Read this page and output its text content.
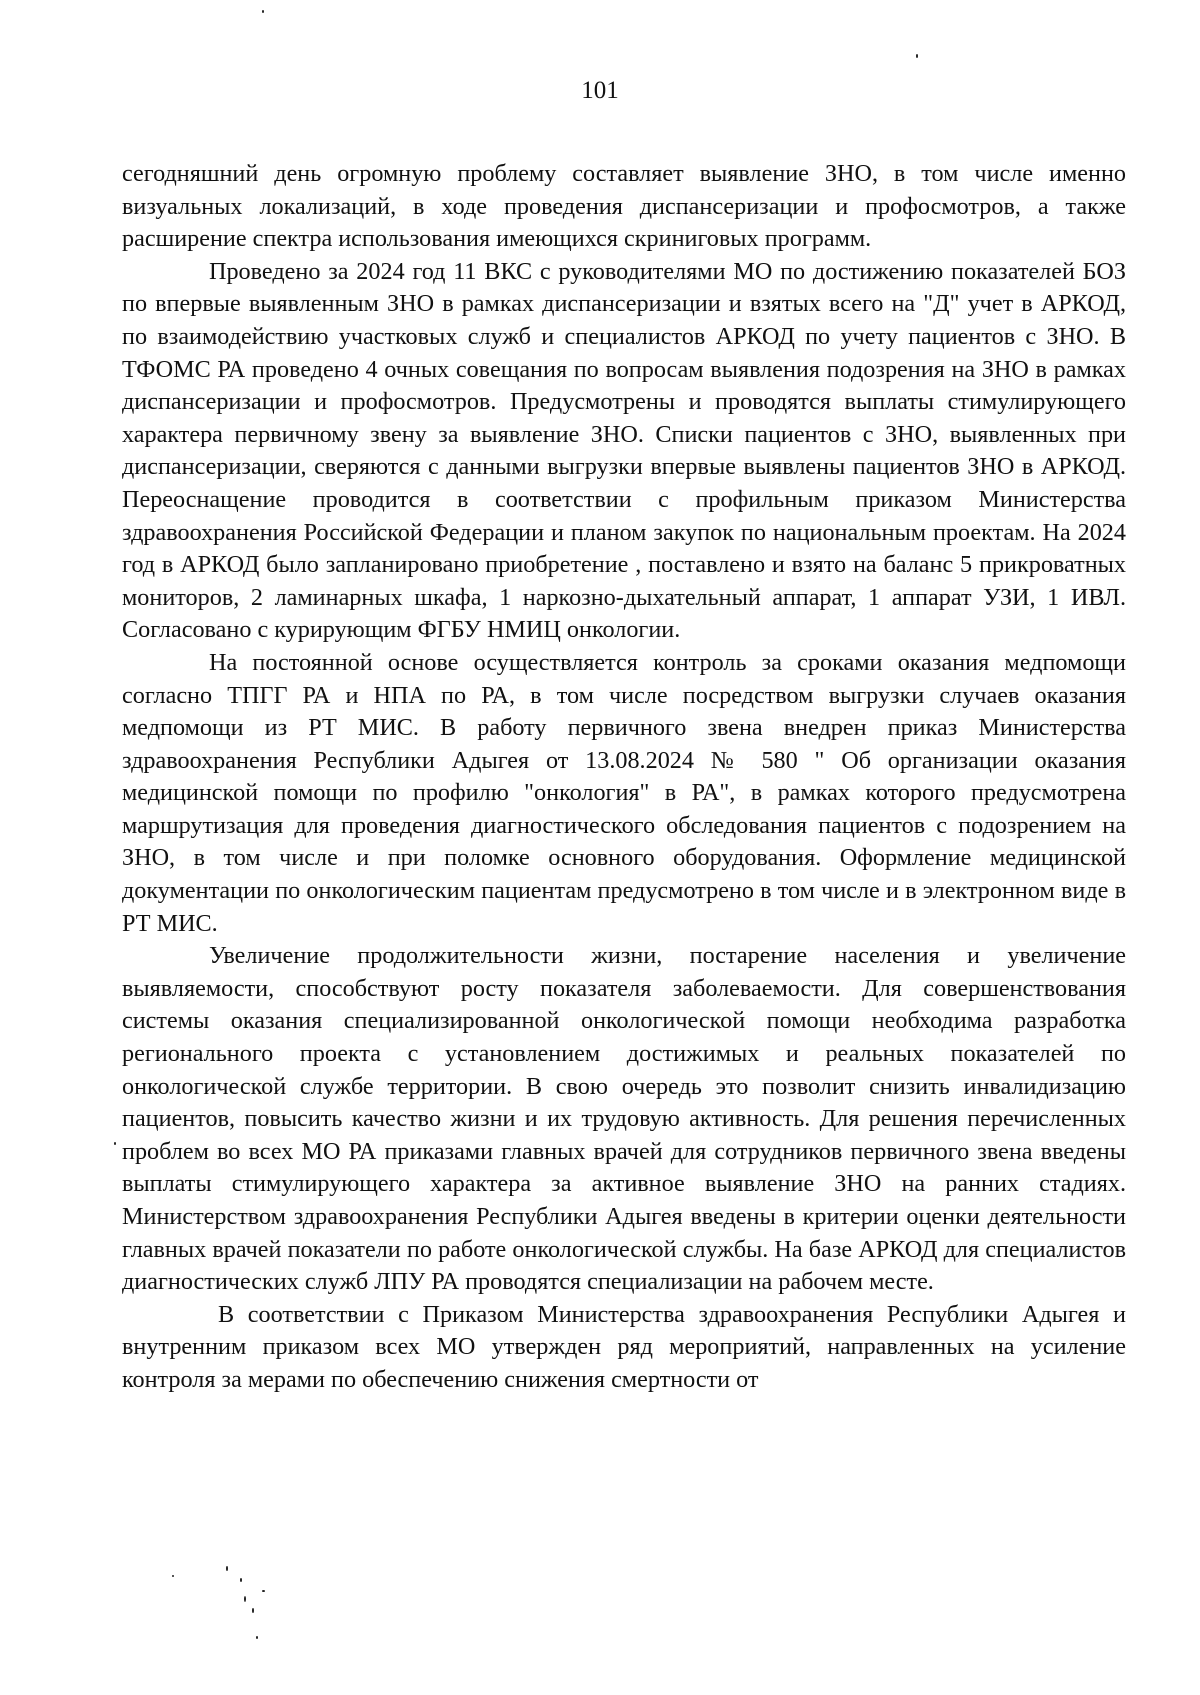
101

сегодняшний день огромную проблему составляет выявление ЗНО, в том числе именно визуальных локализаций, в ходе проведения диспансеризации и профосмотров, а также расширение спектра использования имеющихся скриниговых программ.

Проведено за 2024 год 11 ВКС с руководителями МО по достижению показателей БОЗ по впервые выявленным ЗНО в рамках диспансеризации и взятых всего на "Д" учет в АРКОД, по взаимодействию участковых служб и специалистов АРКОД по учету пациентов с ЗНО. В ТФОМС РА проведено 4 очных совещания по вопросам выявления подозрения на ЗНО в рамках диспансеризации и профосмотров. Предусмотрены и проводятся выплаты стимулирующего характера первичному звену за выявление ЗНО. Списки пациентов с ЗНО, выявленных при диспансеризации, сверяются с данными выгрузки впервые выявлены пациентов ЗНО в АРКОД. Переоснащение проводится в соответствии с профильным приказом Министерства здравоохранения Российской Федерации и планом закупок по национальным проектам. На 2024 год в АРКОД было запланировано приобретение , поставлено и взято на баланс 5 прикроватных мониторов, 2 ламинарных шкафа, 1 наркозно-дыхательный аппарат, 1 аппарат УЗИ, 1 ИВЛ. Согласовано с курирующим ФГБУ НМИЦ онкологии.

На постоянной основе осуществляется контроль за сроками оказания медпомощи согласно ТПГГ РА и НПА по РА, в том числе посредством выгрузки случаев оказания медпомощи из РТ МИС. В работу первичного звена внедрен приказ Министерства здравоохранения Республики Адыгея от 13.08.2024 № 580 " Об организации оказания медицинской помощи по профилю "онкология" в РА", в рамках которого предусмотрена маршрутизация для проведения диагностического обследования пациентов с подозрением на ЗНО, в том числе и при поломке основного оборудования. Оформление медицинской документации по онкологическим пациентам предусмотрено в том числе и в электронном виде в РТ МИС.

Увеличение продолжительности жизни, постарение населения и увеличение выявляемости, способствуют росту показателя заболеваемости. Для совершенствования системы оказания специализированной онкологической помощи необходима разработка регионального проекта с установлением достижимых и реальных показателей по онкологической службе территории. В свою очередь это позволит снизить инвалидизацию пациентов, повысить качество жизни и их трудовую активность. Для решения перечисленных проблем во всех МО РА приказами главных врачей для сотрудников первичного звена введены выплаты стимулирующего характера за активное выявление ЗНО на ранних стадиях. Министерством здравоохранения Республики Адыгея введены в критерии оценки деятельности главных врачей показатели по работе онкологической службы. На базе АРКОД для специалистов диагностических служб ЛПУ РА проводятся специализации на рабочем месте.

В соответствии с Приказом Министерства здравоохранения Республики Адыгея и внутренним приказом всех МО утвержден ряд мероприятий, направленных на усиление контроля за мерами по обеспечению снижения смертности от
